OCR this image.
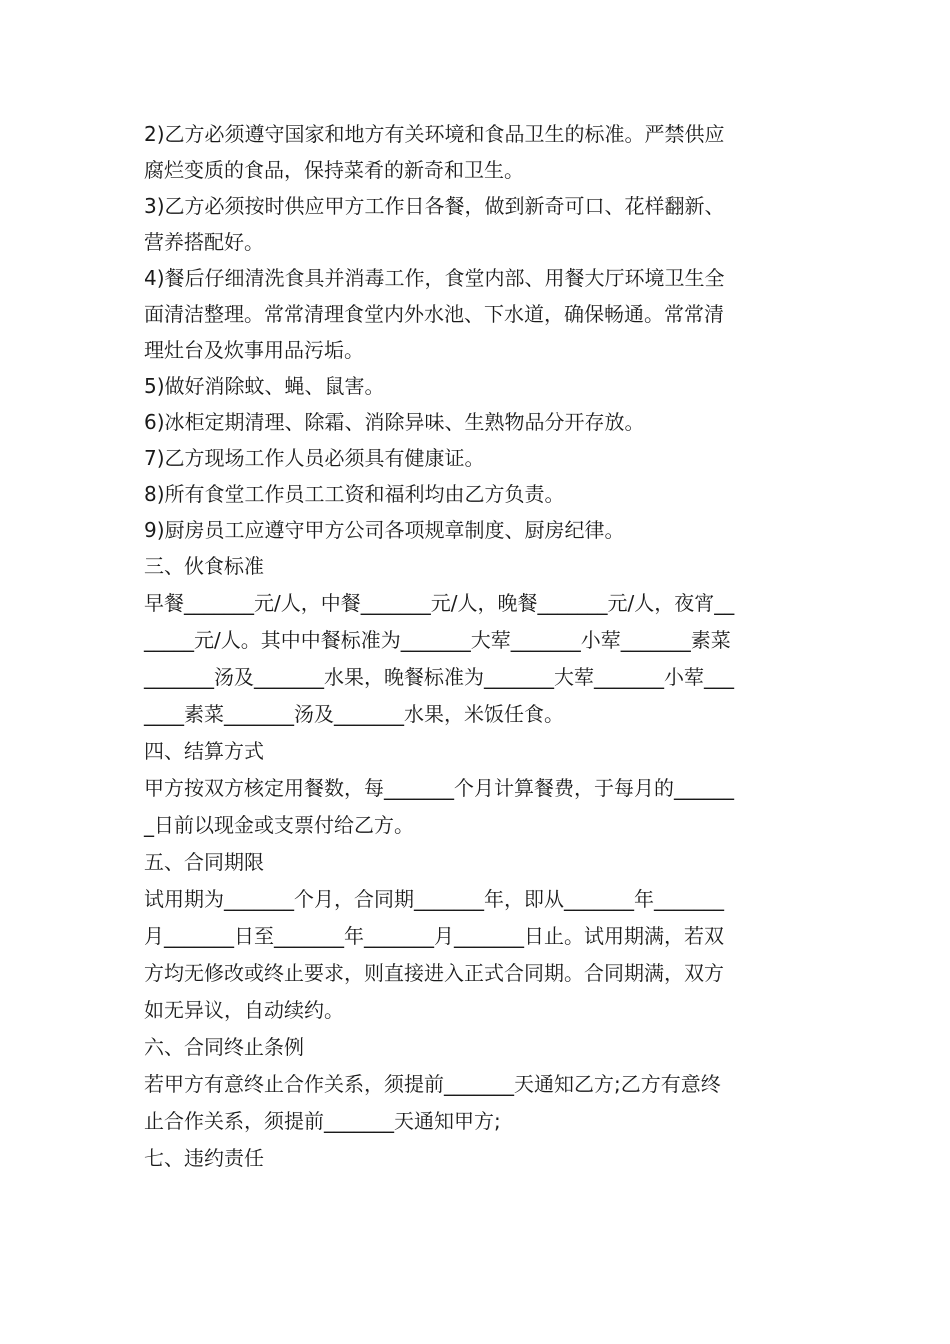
2)乙方必须遵守国家和地方有关环境和食品卫生的标准。严禁供应
腐烂变质的食品，保持菜肴的新奇和卫生。
3)乙方必须按时供应甲方工作日各餐，做到新奇可口、花样翻新、
营养搭配好。
4)餐后仔细清洗食具并消毒工作，食堂内部、用餐大厅环境卫生全
面清洁整理。常常清理食堂内外水池、下水道，确保畅通。常常清
理灶台及炊事用品污垢。
5)做好消除蚊、蝇、鼠害。
6)冰柜定期清理、除霜、消除异味、生熟物品分开存放。
7)乙方现场工作人员必须具有健康证。
8)所有食堂工作员工工资和福利均由乙方负责。
9)厨房员工应遵守甲方公司各项规章制度、厨房纪律。
三、伙食标准
早餐_______元/人，中餐_______元/人，晚餐_______元/人，夜宵__
_____元/人。其中中餐标准为_______大荤_______小荤_______素菜
_______汤及_______水果，晚餐标准为_______大荤_______小荤___
____素菜_______汤及_______水果，米饭任食。
四、结算方式
甲方按双方核定用餐数，每_______个月计算餐费，于每月的______
_日前以现金或支票付给乙方。
五、合同期限
试用期为_______个月，合同期_______年，即从_______年_______
月_______日至_______年_______月_______日止。试用期满，若双
方均无修改或终止要求，则直接进入正式合同期。合同期满，双方
如无异议，自动续约。
六、合同终止条例
若甲方有意终止合作关系，须提前_______天通知乙方;乙方有意终
止合作关系，须提前_______天通知甲方;
七、违约责任
